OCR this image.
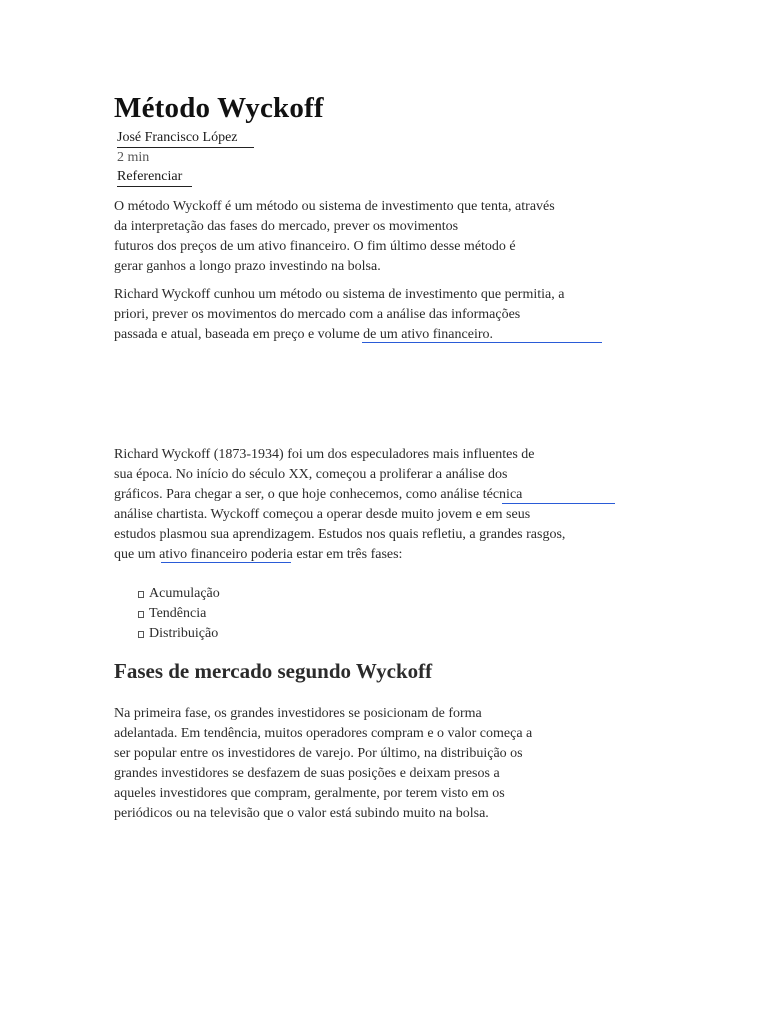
Método Wyckoff
José Francisco López
2 min
Referenciar

O método Wyckoff é um método ou sistema de investimento que tenta, através
da interpretação das fases do mercado, prever os movimentos
futuros dos preços de um ativo financeiro. O fim último desse método é
gerar ganhos a longo prazo investindo na bolsa.

Richard Wyckoff cunhou um método ou sistema de investimento que permitia, a
priori, prever os movimentos do mercado com a análise das informações
passada e atual, baseada em preço e volume de um ativo financeiro.

Richard Wyckoff (1873-1934) foi um dos especuladores mais influentes de
sua época. No início do século XX, começou a proliferar a análise dos
gráficos. Para chegar a ser, o que hoje conhecemos, como análise técnica
análise chartista. Wyckoff começou a operar desde muito jovem e em seus
estudos plasmou sua aprendizagem. Estudos nos quais refletiu, a grandes rasgos,
que um ativo financeiro poderia estar em três fases:

Acumulação
Tendência
Distribuição
Fases de mercado segundo Wyckoff

Na primeira fase, os grandes investidores se posicionam de forma
adelantada. Em tendência, muitos operadores compram e o valor começa a
ser popular entre os investidores de varejo. Por último, na distribuição os
grandes investidores se desfazem de suas posições e deixam presos a
aqueles investidores que compram, geralmente, por terem visto em os
periódicos ou na televisão que o valor está subindo muito na bolsa.
